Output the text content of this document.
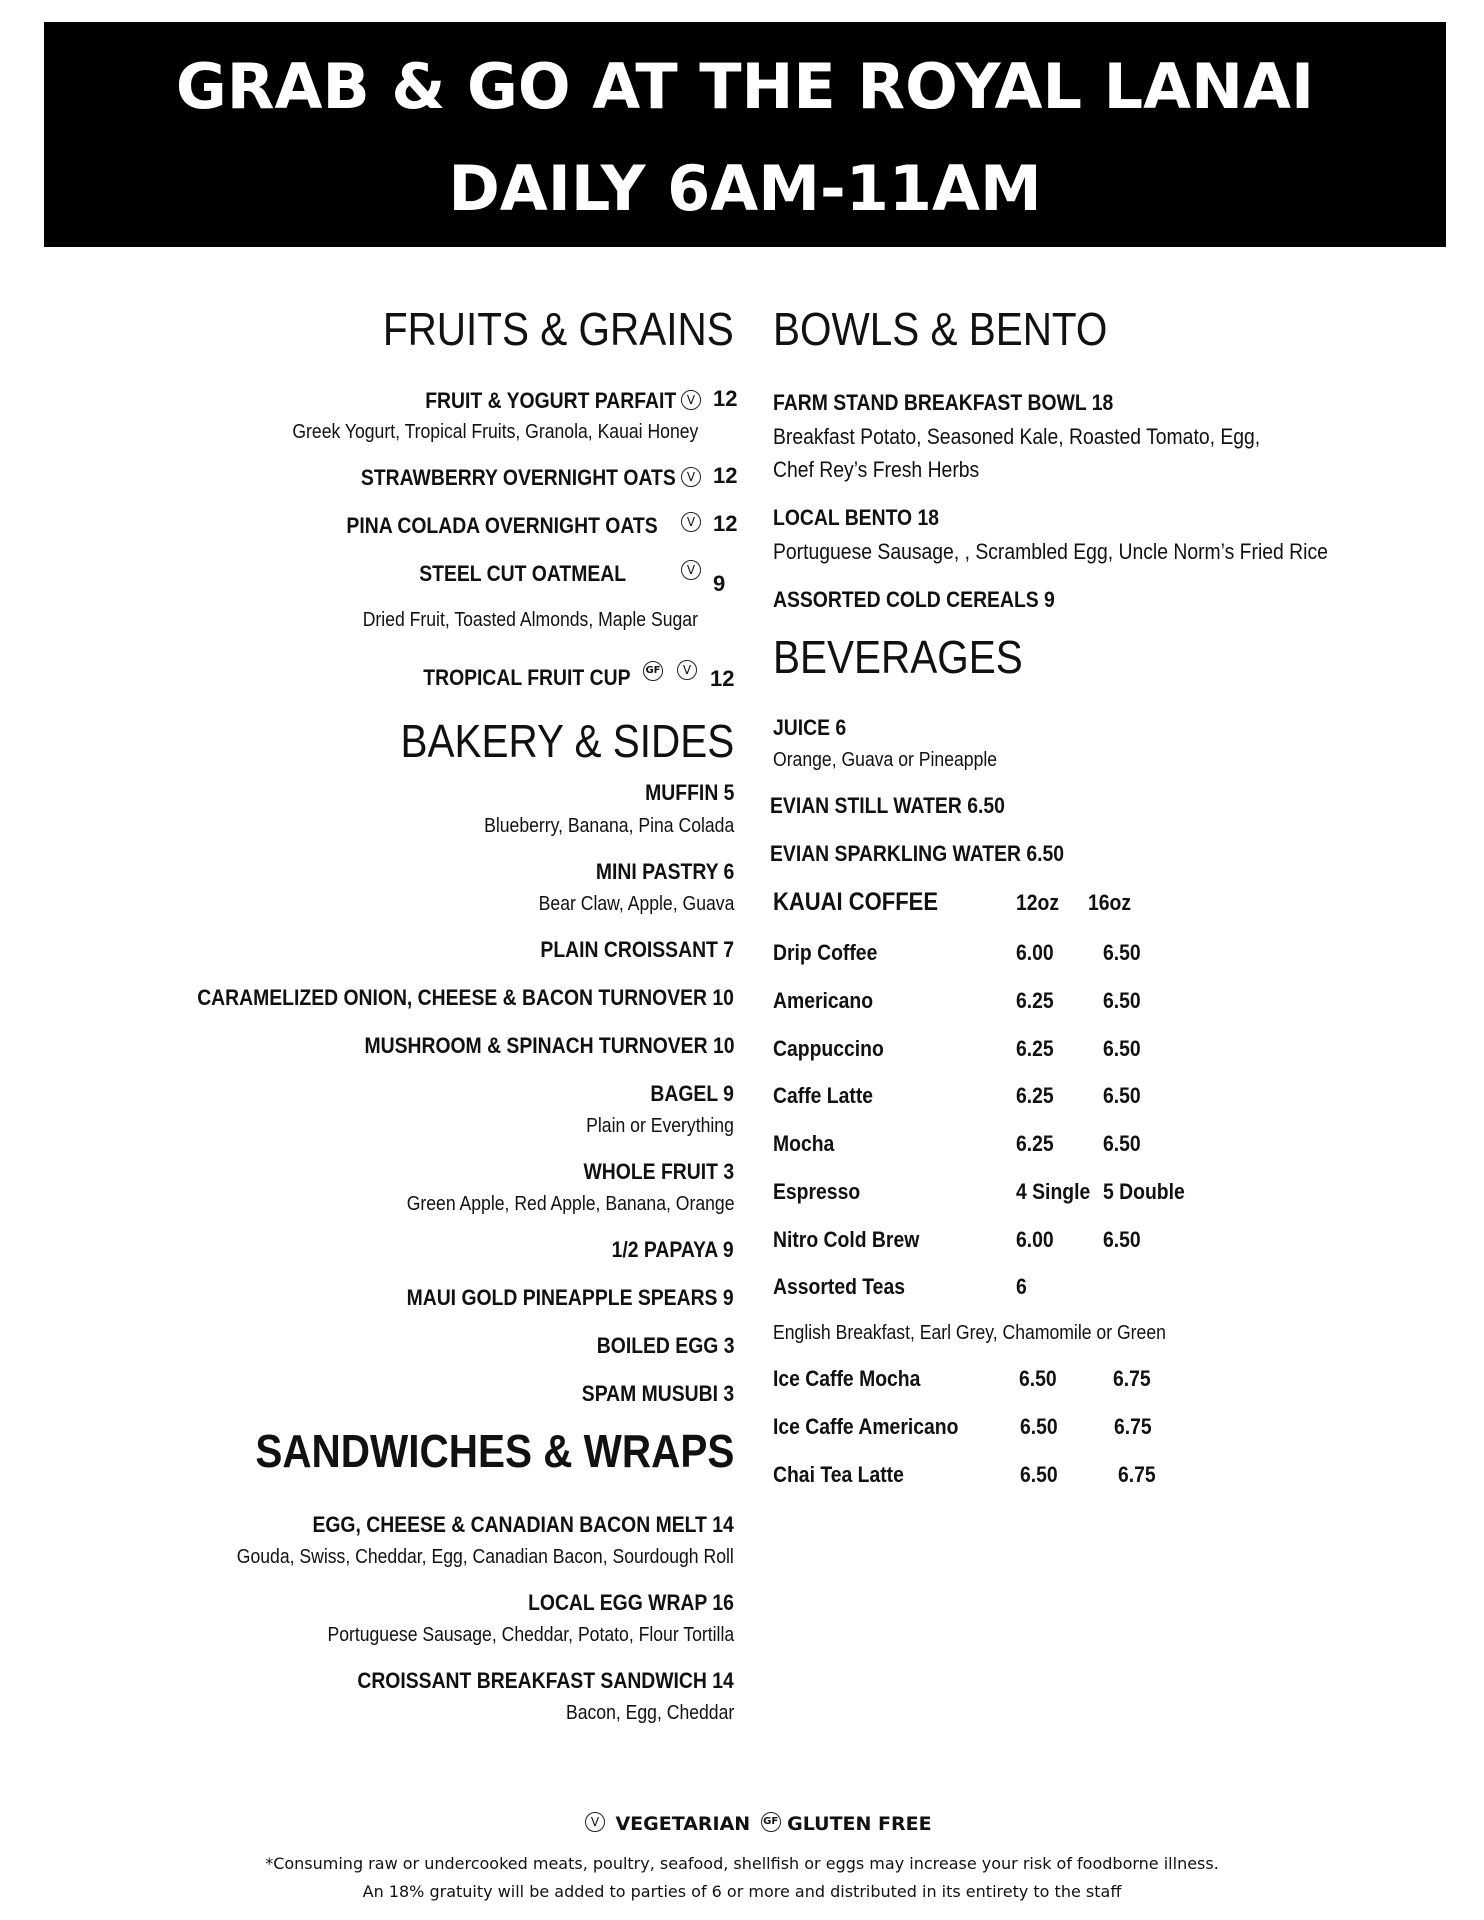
GRAB & GO AT THE ROYAL LANAI
DAILY 6AM-11AM
FRUITS & GRAINS
FRUIT & YOGURT PARFAIT V 12
Greek Yogurt, Tropical Fruits, Granola, Kauai Honey
STRAWBERRY OVERNIGHT OATS V 12
PINA COLADA OVERNIGHT OATS	V 12
STEEL CUT OATMEAL	V
9
Dried Fruit, Toasted Almonds, Maple Sugar
TROPICAL FRUIT CUP GF	V 12
BAKERY & SIDES
MUFFIN 5
Blueberry, Banana, Pina Colada
MINI PASTRY 6
Bear Claw, Apple, Guava
PLAIN CROISSANT 7
CARAMELIZED ONION, CHEESE & BACON TURNOVER 10
MUSHROOM & SPINACH TURNOVER 10
BAGEL 9
Plain or Everything
WHOLE FRUIT 3
Green Apple, Red Apple, Banana, Orange
1/2 PAPAYA 9
MAUI GOLD PINEAPPLE SPEARS 9
BOILED EGG 3
SPAM MUSUBI 3
SANDWICHES & WRAPS
EGG, CHEESE & CANADIAN BACON MELT 14
Gouda, Swiss, Cheddar, Egg, Canadian Bacon, Sourdough Roll
LOCAL EGG WRAP 16
Portuguese Sausage, Cheddar, Potato, Flour Tortilla
CROISSANT BREAKFAST SANDWICH 14
Bacon, Egg, Cheddar
BOWLS & BENTO
FARM STAND BREAKFAST BOWL 18
Breakfast Potato, Seasoned Kale, Roasted Tomato, Egg,
Chef Rey’s Fresh Herbs
LOCAL BENTO 18
Portuguese Sausage, , Scrambled Egg, Uncle Norm’s Fried Rice
ASSORTED COLD CEREALS 9
BEVERAGES
JUICE 6
Orange, Guava or Pineapple
EVIAN STILL WATER 6.50
EVIAN SPARKLING WATER 6.50
KAUAI COFFEE	12oz 16oz
Drip Coffee	6.00 6.50
Americano	6.25 6.50
Cappuccino	6.25 6.50
Caffe Latte	6.25 6.50
Mocha	6.25 6.50
Espresso	4 Single 5 Double
Nitro Cold Brew	6.00 6.50
Assorted Teas	6
English Breakfast, Earl Grey, Chamomile or Green
Ice Caffe Mocha	6.50	6.75
Ice Caffe Americano	6.50	6.75
Chai Tea Latte	6.50	6.75
V VEGETARIAN GF GLUTEN FREE
*Consuming raw or undercooked meats, poultry, seafood, shellfish or eggs may increase your risk of foodborne illness.
An 18% gratuity will be added to parties of 6 or more and distributed in its entirety to the staff
